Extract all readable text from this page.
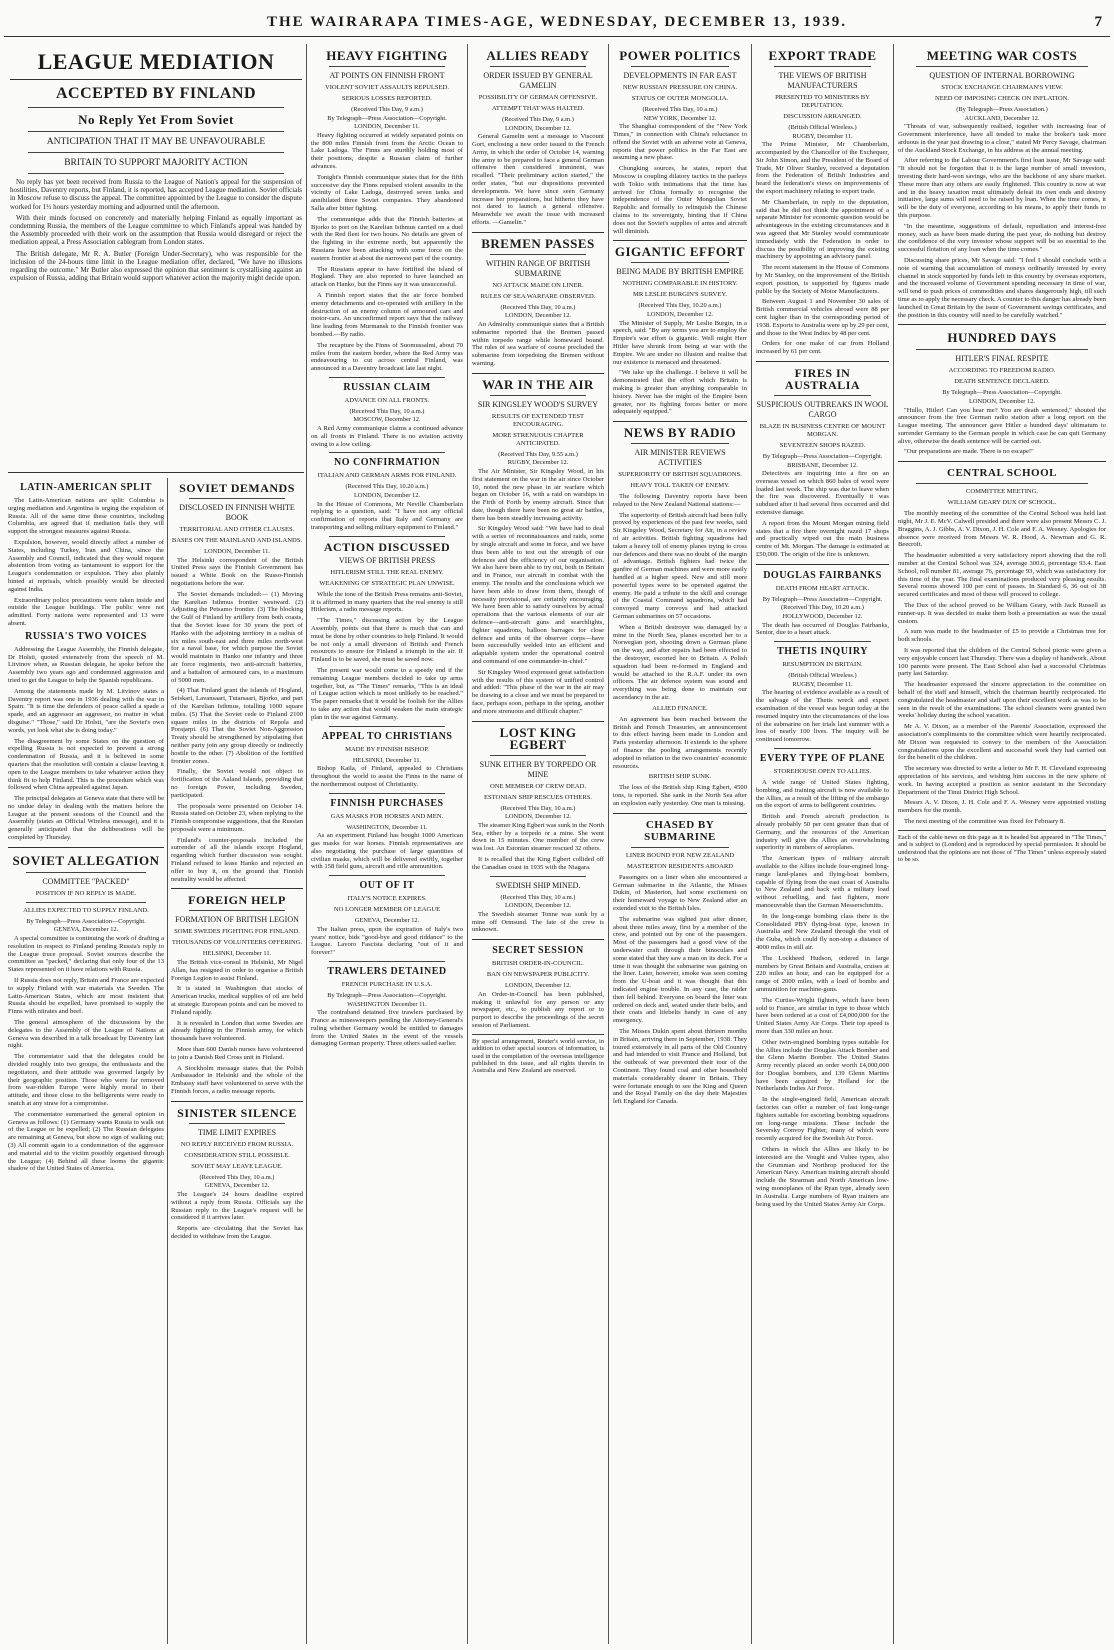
THE WAIRARAPA TIMES-AGE, WEDNESDAY, DECEMBER 13, 1939.	7
LEAGUE MEDIATION
ACCEPTED BY FINLAND
No Reply Yet From Soviet
ANTICIPATION THAT IT MAY BE UNFAVOURABLE
BRITAIN TO SUPPORT MAJORITY ACTION

No reply has yet been received from Russia to the League of Nation's appeal for the suspension of hostilities, Daventry reports, but Finland, it is reported, has accepted League mediation. Soviet officials in Moscow refuse to discuss the appeal. The committee appointed by the League to consider the dispute worked for 1½ hours yesterday morning and adjourned until the afternoon.

With their minds focused on concretely and materially helping Finland as equally important as condemning Russia, the members of the League committee to which Finland's appeal was handed by the Assembly proceeded with their work on the assumption that Russia would disregard or reject the mediation appeal, a Press Association cablegram from London states.

The British delegate, Mr R. A. Butler (Foreign Under-Secretary), who was responsible for the inclusion of the 24-hours time limit in the League mediation offer, declared, "We have no illusions regarding the outcome." Mr Butler also expressed the opinion that sentiment is crystallising against an expulsion of Russia, adding that Britain would support whatever action the majority might decide upon.

LATIN-AMERICAN SPLIT

The Latin-American nations are split: Columbia is urging mediation and Argentina is urging the expulsion of Russia. All of the same time these countries, including Columbia, are agreed that if mediation fails they will support the strongest measures against Russia.

Expulsion, however, would directly affect a number of States, including Turkey, Iran and China, since the Assembly and Council, indicated that they would request abstention from voting as tantamount to support for the League's condemnation or expulsion. They also plainly hinted at reprisals, which possibly would be directed against India.

Extraordinary police precautions were taken inside and outside the League buildings. The public were not admitted. Forty nations were represented and 13 were absent.

RUSSIA'S TWO VOICES

Addressing the League Assembly, the Finnish delegate, Dr Holsti, quoted extensively from the speech of M. Litvinov when, as Russian delegate, he spoke before the Assembly two years ago and condemned aggression and tried to get the League to help the Spanish republicans.

Among the statements made by M. Litvinov states a Daventry report was one in 1936 dealing with the war in Spain: "It is time the defenders of peace called a spade a spade, and an aggressor an aggressor, no matter in what disguise." "Those," said Dr Holsti, "are the Soviet's own words, yet look what she is doing today."

The disagreement by some States on the question of expelling Russia is not expected to prevent a strong condemnation of Russia, and it is believed in some quarters that the resolution will contain a clause leaving it open to the League members to take whatever action they think fit to help Finland. This is the procedure which was followed when China appealed against Japan.

The principal delegates at Geneva state that there will be no undue delay in dealing with the matters before the League at the present sessions of the Council and the Assembly (states an Official Wireless message), and it is generally anticipated that the deliberations will be completed by Thursday.

SOVIET ALLEGATION
COMMITTEE "PACKED"
POSITION IF NO REPLY IS MADE.
ALLIES EXPECTED TO SUPPLY FINLAND.
By Telegraph—Press Association—Copyright.
GENEVA, December 12.

A special committee is continuing the work of drafting a resolution in respect to Finland pending Russia's reply to the League truce proposal. Soviet sources describe the committee as "packed," declaring that only four of the 13 States represented on it have relations with Russia.

If Russia does not reply, Britain and France are expected to supply Finland with war materials via Sweden. The Latin-American States, which are most insistent that Russia should be expelled, have promised to supply the Finns with nitrates and beef.

The general atmosphere of the discussions by the delegates to the Assembly of the League of Nations at Geneva was described in a talk broadcast by Daventry last night.

The commentator said that the delegates could be divided roughly into two groups, the enthusiasts and the negotiators, and their attitude was governed largely by their geographic position. Those who were far removed from war-ridden Europe were highly moral in their attitude, and those close to the belligerents were ready to snatch at any straw for a compromise.

The commentator summarised the general opinion in Geneva as follows: (1) Germany wants Russia to walk out of the League or be expelled; (2) The Russian delegates are remaining at Geneva, but show no sign of walking out; (3) All commit again to a condemnation of the aggressor and material aid to the victim possibly organised through the League; (4) Behind all these looms the gigantic shadow of the United States of America.

SOVIET DEMANDS
DISCLOSED IN FINNISH WHITE BOOK
TERRITORIAL AND OTHER CLAUSES.
BASES ON THE MAINLAND AND ISLANDS.
LONDON, December 11.

The Helsinki correspondent of the British United Press says the Finnish Government has issued a White Book on the Russo-Finnish negotiations before the war.

The Soviet demands included:— (1) Moving the Karelian Isthmus frontier westward. (2) Adjusting the Petsamo frontier. (3) The blocking the Gulf of Finland by artillery from both coasts, that the Soviet lease for 30 years the port of Hanko with the adjoining territory in a radius of six miles south-east and three miles north-west for a naval base, for which purpose the Soviet would maintain in Hanko one infantry and three air force regiments, two anti-aircraft batteries, and a battalion of armoured cars, to a maximum of 5000 men.

(4) That Finland grant the islands of Hogland, Seiskari, Lavansaari, Tutarsaari, Bjorko, and part of the Karelian Isthmus, totalling 1000 square miles. (5) That the Soviet cede to Finland 2100 square miles in the districts of Repola and Porajarpi. (6) That the Soviet Non-Aggression Treaty should be strengthened by stipulating that neither party join any group directly or indirectly hostile to the other. (7) Abolition of the fortified frontier zones.

Finally, the Soviet would not object to fortification of the Aaland Islands, providing that no foreign Power, including Sweden, participated.

The proposals were presented on October 14. Russia stated on October 23, when replying to the Finnish compromise suggestions, that the Russian proposals were a minimum.

Finland's counter-proposals included the surrender of all the islands except Hogland, regarding which further discussion was sought. Finland refused to lease Hanko and rejected an offer to buy it, on the ground that Finnish neutrality would be affected.

FOREIGN HELP
FORMATION OF BRITISH LEGION
SOME SWEDES FIGHTING FOR FINLAND.
THOUSANDS OF VOLUNTEERS OFFERING.
HELSINKI, December 11.

The British vice-consul in Helsinki, Mr Nigel Allan, has resigned in order to organise a British Foreign Legion to assist Finland.

It is stated in Washington that stocks of American trucks, medical supplies of oil are held at strategic European points and can be moved to Finland rapidly.

It is revealed in London that some Swedes are already fighting in the Finnish army, for which thousands have volunteered.

More than 600 Danish nurses have volunteered to join a Danish Red Cross unit in Finland.

A Stockholm message states that the Polish Ambassador in Helsinki and the whole of the Embassy staff have volunteered to serve with the Finnish forces, a radio message reports.

SINISTER SILENCE
TIME LIMIT EXPIRES
NO REPLY RECEIVED FROM RUSSIA.
CONSIDERATION STILL POSSIBLE.
SOVIET MAY LEAVE LEAGUE.
(Received This Day, 10 a.m.)
GENEVA, December 12.

The League's 24 hours deadline expired without a reply from Russia. Officials say the Russian reply to the League's request will be considered if it arrives later.

Reports are circulating that the Soviet has decided to withdraw from the League.

HEAVY FIGHTING
AT POINTS ON FINNISH FRONT
VIOLENT SOVIET ASSAULTS REPULSED.
SERIOUS LOSSES REPORTED.
(Received This Day, 9 a.m.)
By Telegraph—Press Association—Copyright.
LONDON, December 11.

Heavy fighting occurred at widely separated points on the 800 miles Finnish front from the Arctic Ocean to Lake Ladoga. The Finns are sturdily holding most of their positions, despite a Russian claim of further advances.

Tonight's Finnish communique states that for the fifth successive day the Finns repulsed violent assaults in the vicinity of Lake Ladoga, destroyed seven tanks and annihilated three Soviet companies. They abandoned Salla after bitter fighting.

The communique adds that the Finnish batteries at Bjorko to port on the Karelian Isthmus carried on a duel with the Red fleet for two hours. No details are given of the fighting in the extreme north, but apparently the Russians have been attacking with some force on the eastern frontier at about the narrowest part of the country.

The Russians appear to have fortified the island of Hogland. They are also reported to have launched an attack on Hanko, but the Finns say it was unsuccessful.

A Finnish report states that the air force bombed enemy detachments and co-operated with artillery in the destruction of an enemy column of armoured cars and motor-cars. An unconfirmed report says that the railway line leading from Murmansk to the Finnish frontier was bombed.—By radio.

The recapture by the Finns of Suomussalmi, about 70 miles from the eastern border, where the Red Army was endeavouring to cut across central Finland, was announced in a Daventry broadcast late last night.

RUSSIAN CLAIM
ADVANCE ON ALL FRONTS.
(Received This Day, 10 a.m.)
MOSCOW, December 12.

A Red Army communique claims a continued advance on all fronts in Finland. There is no aviation activity owing to a low ceiling.

NO CONFIRMATION
ITALIAN AND GERMAN ARMS FOR FINLAND.
(Received This Day, 10.20 a.m.)
LONDON, December 12.

In the House of Commons, Mr Neville Chamberlain replying to a question, said: "I have not any official confirmation of reports that Italy and Germany are transporting and selling military equipment to Finland."

ACTION DISCUSSED
VIEWS OF BRITISH PRESS
HITLERISM STILL THE REAL ENEMY.
WEAKENING OF STRATEGIC PLAN UNWISE.

While the tone of the British Press remains anti-Soviet, it is affirmed in many quarters that the real enemy is still Hitlerism, a radio message reports.

"The Times," discussing action by the League Assembly, points out that there is much that can and must be done by other countries to help Finland. It would be not only a small diversion of British and French resources to ensure for Finland a triumph in the air. If Finland is to be saved, she must be saved now.

The present war would come to a speedy end if the remaining League members decided to take up arms together, but, as "The Times" remarks, "This is an ideal of League action which is most unlikely to be reached." The paper remarks that it would be foolish for the Allies to take any action that would weaken the main strategic plan in the war against Germany.

APPEAL TO CHRISTIANS
MADE BY FINNISH BISHOP.
HELSINKI, December 11.

Bishop Kaila, of Finland, appealed to Christians throughout the world to assist the Finns in the name of the northernmost outpost of Christianity.

FINNISH PURCHASES
GAS MASKS FOR HORSES AND MEN.
WASHINGTON, December 11.

As an experiment Finland has bought 1000 American gas masks for war horses. Finnish representatives are also negotiating the purchase of large quantities of civilian masks, which will be delivered swiftly, together with 158 field guns, aircraft and rifle ammunition.

OUT OF IT
ITALY'S NOTICE EXPIRES.
NO LONGER MEMBER OF LEAGUE
GENEVA, December 12.

The Italian press, upon the expiration of Italy's two years' notice, bids "good-bye and good riddance" to the League. Lavoro Fascista declaring "out of it and forever!"

TRAWLERS DETAINED
FRENCH PURCHASE IN U.S.A.
By Telegraph—Press Association—Copyright.
WASHINGTON December 11.

The contraband detained five trawlers purchased by France as minesweepers pending the Attorney-General's ruling whether Germany would be entitled to damages from the United States in the event of the vessels damaging German property. Three others sailed earlier.

ALLIES READY
ORDER ISSUED BY GENERAL GAMELIN
POSSIBILITY OF GERMAN OFFENSIVE.
ATTEMPT THAT WAS HALTED.
(Received This Day, 9 a.m.)
LONDON, December 12.

General Gamelin sent a message to Viscount Gort, enclosing a new order issued to the French Army, in which the order of October 14, warning the army to be prepared to face a general German offensive then considered imminent, was recalled. "Their preliminary action started," the order states, "but our dispositions prevented developments. We have since seen Germany increase her preparations, but hitherto they have not dared to launch a general offensive. Meanwhile we await the issue with increased efforts. —Gamelin."

BREMEN PASSES
WITHIN RANGE OF BRITISH SUBMARINE
NO ATTACK MADE ON LINER.
RULES OF SEA WARFARE OBSERVED.
(Received This Day, 10 a.m.)
LONDON, December 12.

An Admiralty communique states that a British submarine reported that the Bremen passed within torpedo range while homeward bound. The rules of sea warfare of course precluded the submarine from torpedoing the Bremen without warning.

WAR IN THE AIR
SIR KINGSLEY WOOD'S SURVEY
RESULTS OF EXTENDED TEST ENCOURAGING.
MORE STRENUOUS CHAPTER ANTICIPATED.
(Received This Day, 9.55 a.m.)
RUGBY, December 12.

The Air Minister, Sir Kingsley Wood, in his first statement on the war in the air since October 10, noted the new phase in air warfare which began on October 16, with a raid on warships in the Firth of Forth by enemy aircraft. Since that date, though there have been no great air battles, there has been steadily increasing activity.

Sir Kingsley Wood said: "We have had to deal with a series of reconnaissances and raids, some by single aircraft and some in force, and we have thus been able to test out the strength of our defences and the efficiency of our organisation. We also have been able to try out, both in Britain and in France, our aircraft in combat with the enemy. The results and the conclusions which we have been able to draw from them, though of necessity provisional, are certainly encouraging. We have been able to satisfy ourselves by actual operations that the various elements of our air defence—anti-aircraft guns and searchlights, fighter squadrons, balloon barrages for close defence and units of the observer corps—have been successfully welded into an efficient and adaptable system under the operational control and command of one commander-in-chief."

Sir Kingsley Wood expressed great satisfaction with the results of this system of unified control and added: "This phase of the war in the air may be drawing to a close and we must be prepared to face, perhaps soon, perhaps in the spring, another and more strenuous and difficult chapter."

LOST KING EGBERT
SUNK EITHER BY TORPEDO OR MINE
ONE MEMBER OF CREW DEAD.
ESTONIAN SHIP RESCUES OTHERS.
(Received This Day, 10 a.m.)
LONDON, December 12.

The steamer King Egbert was sunk in the North Sea, either by a torpedo or a mine. She went down in 15 minutes. One member of the crew was lost. An Estonian steamer rescued 32 others.

It is recalled that the King Egbert collided off the Canadian coast in 1935 with the Niagara.

SWEDISH SHIP MINED.
(Received This Day, 10 a.m.)
LONDON, December 12.

The Swedish steamer Tonne was sunk by a mine off Ormsund. The fate of the crew is unknown.

SECRET SESSION
BRITISH ORDER-IN-COUNCIL.
BAN ON NEWSPAPER PUBLICITY.
LONDON, December 12.

An Order-in-Council has been published, making it unlawful for any person or any newspaper, etc., to publish any report or to purport to describe the proceedings of the secret session of Parliament.

By special arrangement, Reuter's world service, in addition to other special sources of information, is used in the compilation of the overseas intelligence published in this issue, and all rights therein in Australia and New Zealand are reserved.
POWER POLITICS
DEVELOPMENTS IN FAR EAST
NEW RUSSIAN PRESSURE ON CHINA.
STATUS OF OUTER MONGOLIA.
(Received This Day, 10 a.m.)
NEW YORK, December 12.

The Shanghai correspondent of the "New York Times," in connection with China's reluctance to offend the Soviet with an adverse vote at Geneva, reports that power politics in the Far East are assuming a new phase.

Chungking sources, he states, report that Moscow is coupling dilatory tactics in the parleys with Tokio with intimations that the time has arrived for China formally to recognise the independence of the Outer Mongolian Soviet Republic and formally to relinquish the Chinese claims to its sovereignty, hinting that if China does not the Soviet's supplies of arms and aircraft will diminish.

GIGANTIC EFFORT
BEING MADE BY BRITISH EMPIRE
NOTHING COMPARABLE IN HISTORY.
MR LESLIE BURGIN'S SURVEY.
(Received This Day, 10.20 a.m.)
LONDON, December 12.

The Minister of Supply, Mr Leslie Burgin, in a speech, said: "By any terms you are to employ the Empire's war effort is gigantic. Well might Herr Hitler have shrunk from being at war with the Empire. We are under no illusion and realise that our existence is menaced and threatened.

"We take up the challenge. I believe it will be demonstrated that the effort which Britain is making is greater than anything comparable in history. Never has the might of the Empire been greater, nor its fighting forces better or more adequately equipped."

NEWS BY RADIO
AIR MINISTER REVIEWS ACTIVITIES
SUPERIORITY OF BRITISH SQUADRONS.
HEAVY TOLL TAKEN OF ENEMY.

The following Daventry reports have been relayed to the New Zealand National stations:—

The superiority of British aircraft had been fully proved by experiences of the past few weeks, said Sir Kingsley Wood, Secretary for Air, in a review of air activities. British fighting squadrons had taken a heavy toll of enemy planes trying to cross our defences and there was no doubt of the margin of advantage. British fighters had twice the gunfire of German machines and were more easily handled at a higher speed. New and still more powerful types were to be operated against the enemy. He paid a tribute to the skill and courage of the Coastal Command squadrons, which had convoyed many convoys and had attacked German submarines on 57 occasions.

When a British destroyer was damaged by a mine in the North Sea, planes escorted her to a Norwegian port, shooting down a German plane on the way, and after repairs had been effected to the destroyer, escorted her to Britain. A Polish squadron had been re-formed in England and would be attached to the R.A.F. under its own officers. The air defence system was sound and everything was being done to maintain our ascendancy in the air.

ALLIED FINANCE.

An agreement has been reached between the British and French Treasuries, an announcement to this effect having been made in London and Paris yesterday afternoon. It extends to the sphere of finance the pooling arrangements recently adopted in relation to the two countries' economic resources.

BRITISH SHIP SUNK.

The loss of the British ship King Egbert, 4500 tons, is reported. She sank in the North Sea after an explosion early yesterday. One man is missing.

CHASED BY SUBMARINE
LINER BOUND FOR NEW ZEALAND
MASTERTON RESIDENTS ABOARD

Passengers on a liner when she encountered a German submarine in the Atlantic, the Misses Dukin, of Masterton, had some excitement on their homeward voyage to New Zealand after an extended visit to the British Isles.

The submarine was sighted just after dinner, about three miles away, first by a member of the crew, and pointed out by one of the passengers. Most of the passengers had a good view of the underwater craft through their binoculars and some stated that they saw a man on its deck. For a time it was thought the submarine was gaining on the liner. Later, however, smoke was seen coming from the U-boat and it was thought that this indicated engine trouble. In any case, the raider then fell behind. Everyone on board the liner was ordered on deck and, seated under their belts, and their coats and lifebelts handy in case of any emergency.

The Misses Dukin spent about thirteen months in Britain, arriving there in September, 1938. They toured extensively in all parts of the Old Country and had intended to visit France and Holland, but the outbreak of war prevented their tour of the Continent. They found coal and other household materials considerably dearer in Britain. They were fortunate enough to see the King and Queen and the Royal Family on the day their Majesties left England for Canada.

EXPORT TRADE
THE VIEWS OF BRITISH MANUFACTURERS
PRESENTED TO MINISTERS BY DEPUTATION.
DISCUSSION ARRANGED.
(British Official Wireless.)
RUGBY, December 11.

The Prime Minister, Mr Chamberlain, accompanied by the Chancellor of the Exchequer, Sir John Simon, and the President of the Board of Trade, Mr Oliver Stanley, received a deputation from the Federation of British Industries and heard the federation's views on improvements of the export machinery relating to export trade.

Mr Chamberlain, in reply to the deputation, said that he did not think the appointment of a separate Minister for economic question would be advantageous in the existing circumstances and it was agreed that Mr Stanley would communicate immediately with the Federation in order to discuss the possibility of improving the existing machinery by appointing an advisory panel.

The recent statement in the House of Commons by Mr Stanley, on the improvement of the British export position, is supported by figures made public by the Society of Motor Manufacturers.

Between August 1 and November 30 sales of British commercial vehicles abroad were 88 per cent higher than in the corresponding period of 1938. Exports to Australia were up by 29 per cent, and those to the West Indies by 48 per cent.

Orders for one make of car from Holland increased by 61 per cent.

FIRES IN AUSTRALIA
SUSPICIOUS OUTBREAKS IN WOOL CARGO
BLAZE IN BUSINESS CENTRE OF MOUNT MORGAN.
SEVENTEEN SHOPS RAZED.
By Telegraph—Press Association—Copyright.
BRISBANE, December 12.

Detectives are inquiring into a fire on an overseas vessel on which 860 bales of wool were loaded last week. The ship was due to leave when the fire was discovered. Eventually it was subdued after it had several fires occurred and did extensive damage.

A report from the Mount Morgan mining field states that a fire there overnight razed 17 shops and practically wiped out the main business centre of Mt. Morgan. The damage is estimated at £50,000. The origin of the fire is unknown.

DOUGLAS FAIRBANKS
DEATH FROM HEART ATTACK.
By Telegraph—Press Association—Copyright.
(Received This Day, 10.20 a.m.)
HOLLYWOOD, December 12.

The death has occurred of Douglas Fairbanks, Senior, due to a heart attack.

THETIS INQUIRY
RESUMPTION IN BRITAIN.
(British Official Wireless.)
RUGBY, December 11.

The hearing of evidence available as a result of the salvage of the Thetis wreck and expert examination of the vessel was begun today at the resumed inquiry into the circumstances of the loss of the submarine on her trials last summer with a loss of nearly 100 lives. The inquiry will be continued tomorrow.

EVERY TYPE OF PLANE
STOREHOUSE OPEN TO ALLIES.

A wide range of United States fighting, bombing, and training aircraft is now available to the Allies, as a result of the lifting of the embargo on the export of arms to belligerent countries.

British and French aircraft production is already probably 50 per cent greater than that of Germany, and the resources of the American industry will give the Allies an overwhelming superiority in numbers of aeroplanes.

The American types of military aircraft available to the Allies include four-engined long-range land-planes and flying-boat bombers, capable of flying from the east coast of Australia to New Zealand and back with a military load without refuelling, and fast fighters, more manoeuvrable than the German Messerschmitts.

In the long-range bombing class there is the Consolidated PBY flying-boat type, known in Australia and New Zealand through the visit of the Guba, which could fly non-stop a distance of 4000 miles in still air.

The Lockheed Hudson, ordered in large numbers by Great Britain and Australia, cruises at 220 miles an hour, and can be equipped for a range of 2000 miles, with a load of bombs and ammunition for machine-guns.

The Curtiss-Wright fighters, which have been sold to France, are similar in type to those which have been ordered at a cost of £4,000,000 for the United States Army Air Corps. Their top speed is more than 330 miles an hour.

Other twin-engined bombing types suitable for the Allies include the Douglas Attack Bomber and the Glenn Martin Bomber. The United States Army recently placed an order worth £4,000,000 for Douglas bombers, and 139 Glenn Martins have been acquired by Holland for the Netherlands Indies Air Force.

In the single-engined field, American aircraft factories can offer a number of fast long-range fighters suitable for escorting bombing squadrons on long-range missions. These include the Seversky Convoy Fighter, many of which were recently acquired for the Swedish Air Force.

Others in which the Allies are likely to be interested are the Vought and Vultee types, also the Grumman and Northrop produced for the American Navy. American training aircraft should include the Stearman and North American low-wing monoplanes of the Ryan type, already seen in Australia. Large numbers of Ryan trainers are being used by the United States Army Air Corps.

MEETING WAR COSTS
QUESTION OF INTERNAL BORROWING
STOCK EXCHANGE CHAIRMAN'S VIEW.
NEED OF IMPOSING CHECK ON INFLATION.
(By Telegraph—Press Association.)
AUCKLAND, December 12.

"Threats of war, subsequently realised, together with increasing fear of Government interference, have all tended to make the broker's task more arduous in the year just drawing to a close," stated Mr Percy Savage, chairman of the Auckland Stock Exchange, in his address at the annual meeting.

After referring to the Labour Government's first loan issue, Mr Savage said: "It should not be forgotten that it is the large number of small investors, investing their hard-won savings, who are the backbone of any share market. These more than any others are easily frightened. This country is now at war and in the heavy taxation must ultimately defeat its own ends and destroy initiative, large sums will need to be raised by loan. When the time comes, it will be the duty of everyone, according to his means, to apply their funds to this purpose.

"In the meantime, suggestions of default, repudiation and interest-free money, such as have been made during the past year, do nothing but destroy the confidence of the very investor whose support will be so essential to the successful flotation of any loan when the time comes."

Discussing share prices, Mr Savage said: "I feel I should conclude with a note of warning that accumulation of moneys ordinarily invested by every channel in stock supported by funds left in this country by overseas exporters, and the increased volume of Government spending necessary in time of war, will tend to push prices of commodities and shares dangerously high, till such time as to apply the necessary check. A counter to this danger has already been launched in Great Britain by the issue of Government savings certificates, and the position in this country will need to be carefully watched."

HUNDRED DAYS
HITLER'S FINAL RESPITE
ACCORDING TO FREEDOM RADIO.
DEATH SENTENCE DECLARED.
By Telegraph—Press Association—Copyright.
LONDON, December 12.

"Hullo, Hitler! Can you hear me? You are death sentenced," shouted the announcer from the free German radio station after a long report on the League meeting. The announcer gave Hitler a hundred days' ultimatum to surrender Germany to the German people in which case he can quit Germany alive, otherwise the death sentence will be carried out.

"Our preparations are made. There is no escape!"

CENTRAL SCHOOL
COMMITTEE MEETING.
WILLIAM GEARY DUX OF SCHOOL.

The monthly meeting of the committee of the Central School was held last night, Mr J. E. McV. Calwell presided and there were also present Messrs C. J. Braggins, A. J. Gibbs, A. V. Dixon, J. H. Cole and F. A. Wesney. Apologies for absence were received from Messrs W. R. Hood, A. Newman and G. R. Beecroft.

The headmaster submitted a very satisfactory report showing that the roll number at the Central School was 324, average 300.6, percentage 93.4. East School, roll number 81, average 76, percentage 93, which was satisfactory for this time of the year. The final examinations produced very pleasing results. Several rooms showed 100 per cent of passes. In Standard 6, 36 out of 38 secured certificates and most of these will proceed to college.

The Dux of the school proved to be William Geary, with Jack Russell as runner-up. It was decided to make them both a presentation as was the usual custom.

A sum was made to the headmaster of £5 to provide a Christmas tree for both schools.

It was reported that the children of the Central School picnic were given a very enjoyable concert last Thursday. There was a display of handwork. About 100 parents were present. The East School also had a successful Christmas party last Saturday.

The headmaster expressed the sincere appreciation to the committee on behalf of the staff and himself, which the chairman heartily reciprocated. He congratulated the headmaster and staff upon their excellent work as was to be seen in the result of the examinations. The school cleaners were granted two weeks' holiday during the school vacation.

Mr A. V. Dixon, as a member of the Parents' Association, expressed the association's compliments to the committee which were heartily reciprocated. Mr Dixon was requested to convey to the members of the Association congratulations upon the excellent and successful work they had carried out for the benefit of the children.

The secretary was directed to write a letter to Mr F. H. Cleveland expressing appreciation of his services, and wishing him success in the new sphere of work. In having accepted a position as senior assistant in the Secondary Department of the Tinui District High School.

Messrs A. V. Dixon, J. H. Cole and F. A. Wesney were appointed visiting members for the month.

The next meeting of the committee was fixed for February 8.

Each of the cable news on this page as it is headed but appeared in "The Times," and is subject to (London) and is reproduced by special permission. It should be understood that the opinions are not those of "The Times" unless expressly stated to be so.
